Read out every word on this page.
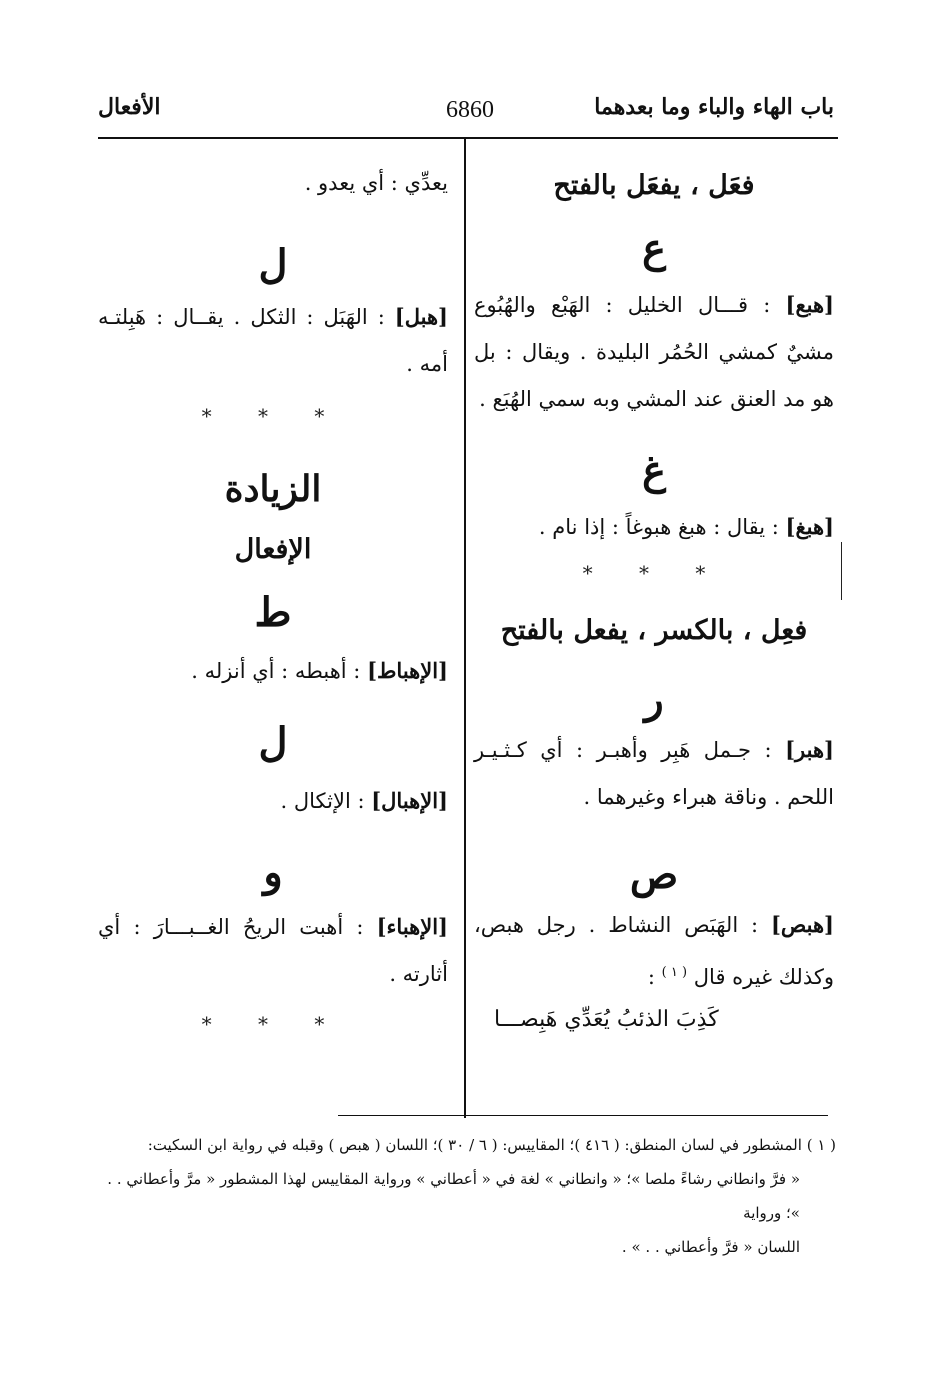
باب الهاء والباء وما بعدهما
6860
الأفعال
فعَل ، يفعَل بالفتح
ع

[هبع] : قـــال الخليل : الهَبْع والهُبُوع مشيٌ كمشي الحُمُر البليدة . ويقال : بل هو مد العنق عند المشي وبه سمي الهُبَع .

غ

[هبغ] : يقال : هبغ هبوغاً : إذا نام .

* * *
فعِل ، بالكسر ، يفعل بالفتح
ر

[هبر] : جـمل هَبِر وأهبـر : أي كـثـيـر اللحم . وناقة هبراء وغيرهما .

ص

[هبص] : الهَبَص النشاط . رجل هبص، وكذلك غيره قال $^{( ١ )}$ :

كَذِبَ الذئبُ يُعَدِّي هَبِصـــا

يعدِّي : أي يعدو .

ل

[هبل] : الهَبَل : الثكل . يقــال : هَبِلتـه أمه .

* * *
الزيادة
الإفعال
ط

[الإهباط] : أهبطه : أي أنزله .

ل

[الإهبال] : الإثكال .

و

[الإهباء] : أهبت الريحُ الغــبـــارَ : أي أثارته .

* * *

( ١ ) المشطور في لسان المنطق: ( ٤١٦ )؛ المقاييس: ( ٦ / ٣٠ )؛ اللسان ( هبص ) وقبله في رواية ابن السكيت:

« فرَّ وانطاني رشاءً ملصا »؛ « وانطاني » لغة في « أعطاني » ورواية المقاييس لهذا المشطور « مرَّ وأعطاني . . »؛ ورواية

اللسان « فرَّ وأعطاني . . » .
